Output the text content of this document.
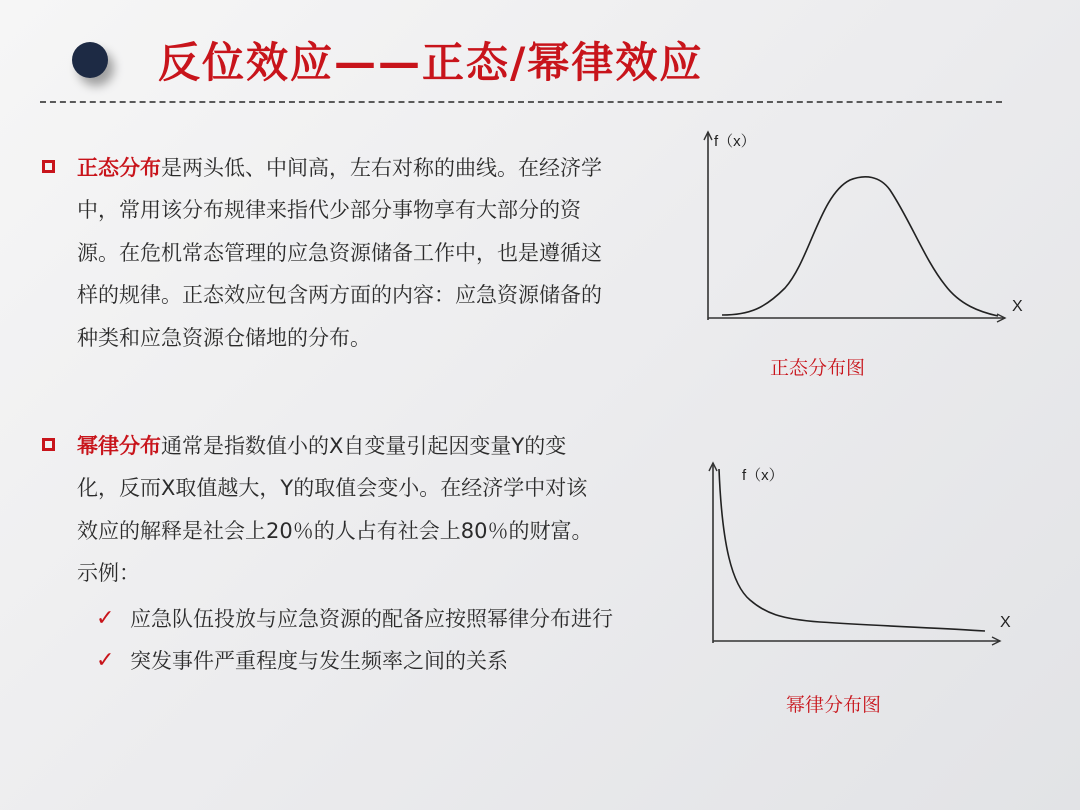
反位效应——正态/幂律效应
正态分布是两头低、中间高，左右对称的曲线。在经济学中，常用该分布规律来指代少部分事物享有大部分的资源。在危机常态管理的应急资源储备工作中，也是遵循这样的规律。正态效应包含两方面的内容：应急资源储备的种类和应急资源仓储地的分布。
幂律分布通常是指数值小的X自变量引起因变量Y的变化，反而X取值越大，Y的取值会变小。在经济学中对该效应的解释是社会上20％的人占有社会上80％的财富。示例：
✓ 应急队伍投放与应急资源的配备应按照幂律分布进行
✓ 突发事件严重程度与发生频率之间的关系
f（x）
X
正态分布图
f（x）
X
幂律分布图
